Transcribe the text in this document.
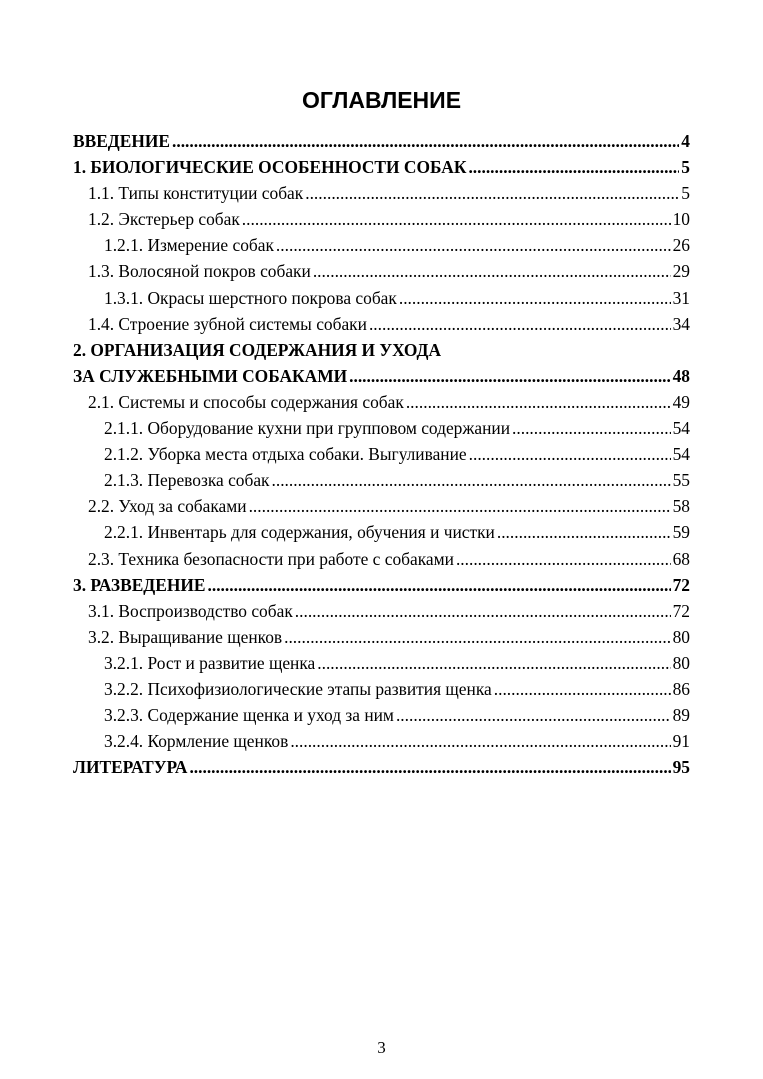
ОГЛАВЛЕНИЕ
ВВЕДЕНИЕ .....	4
1. БИОЛОГИЧЕСКИЕ ОСОБЕННОСТИ СОБАК .....	5
1.1. Типы конституции собак .....	5
1.2. Экстерьер собак .....	10
1.2.1. Измерение собак .....	26
1.3. Волосяной покров собаки .....	29
1.3.1. Окрасы шерстного покрова собак .....	31
1.4. Строение зубной системы собаки .....	34
2. ОРГАНИЗАЦИЯ СОДЕРЖАНИЯ И УХОДА
ЗА СЛУЖЕБНЫМИ СОБАКАМИ .....	48
2.1. Системы и способы содержания собак .....	49
2.1.1. Оборудование кухни при групповом содержании .....	54
2.1.2. Уборка места отдыха собаки. Выгуливание .....	54
2.1.3. Перевозка собак .....	55
2.2. Уход за собаками .....	58
2.2.1. Инвентарь для содержания, обучения и чистки .....	59
2.3. Техника безопасности при работе с собаками .....	68
3. РАЗВЕДЕНИЕ .....	72
3.1. Воспроизводство собак .....	72
3.2. Выращивание щенков .....	80
3.2.1. Рост и развитие щенка .....	80
3.2.2. Психофизиологические этапы развития щенка .....	86
3.2.3. Содержание щенка и уход за ним .....	89
3.2.4. Кормление щенков .....	91
ЛИТЕРАТУРА .....	95
3
